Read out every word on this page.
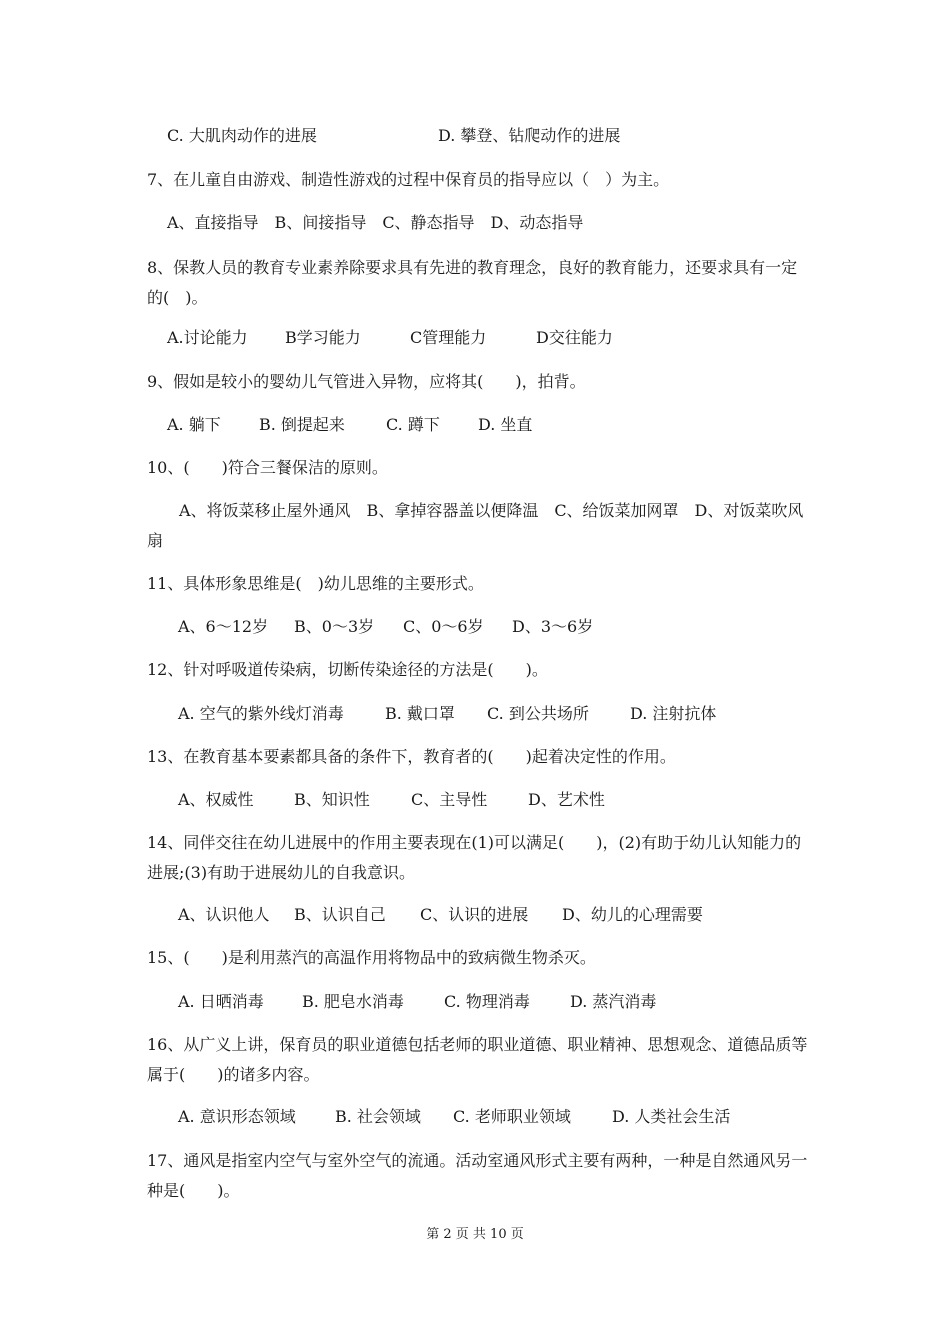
C. 大肌肉动作的进展	D. 攀登、钻爬动作的进展
7、在儿童自由游戏、制造性游戏的过程中保育员的指导应以（　）为主。
A、直接指导　B、间接指导　C、静态指导　D、动态指导
8、保教人员的教育专业素养除要求具有先进的教育理念，良好的教育能力，还要求具有一定的(　)。
A.讨论能力 B学习能力	C管理能力	D交往能力
9、假如是较小的婴幼儿气管进入异物，应将其(　　)，拍背。
A. 躺下 B. 倒提起来	C. 蹲下 D. 坐直
10、(　　)符合三餐保洁的原则。
A、将饭菜移止屋外通风　B、拿掉容器盖以便降温　C、给饭菜加网罩　D、对饭菜吹风扇
11、具体形象思维是(　)幼儿思维的主要形式。
A、6～12岁 B、0～3岁 C、0～6岁 D、3～6岁
12、针对呼吸道传染病，切断传染途径的方法是(　　)。
A. 空气的紫外线灯消毒	B. 戴口罩 C. 到公共场所	D. 注射抗体
13、在教育基本要素都具备的条件下，教育者的(　　)起着决定性的作用。
A、权威性	B、知识性	C、主导性	D、艺术性
14、同伴交往在幼儿进展中的作用主要表现在(1)可以满足(　　)，(2)有助于幼儿认知能力的进展;(3)有助于进展幼儿的自我意识。
A、认识他人 B、认识自己 C、认识的进展 D、幼儿的心理需要
15、(　　)是利用蒸汽的高温作用将物品中的致病微生物杀灭。
A. 日晒消毒 B. 肥皂水消毒	C. 物理消毒	D. 蒸汽消毒
16、从广义上讲，保育员的职业道德包括老师的职业道德、职业精神、思想观念、道德品质等属于(　　)的诸多内容。
A. 意识形态领域 B. 社会领域 C. 老师职业领域	D. 人类社会生活
17、通风是指室内空气与室外空气的流通。活动室通风形式主要有两种，一种是自然通风另一种是(　　)。
第 2 页 共 10 页
